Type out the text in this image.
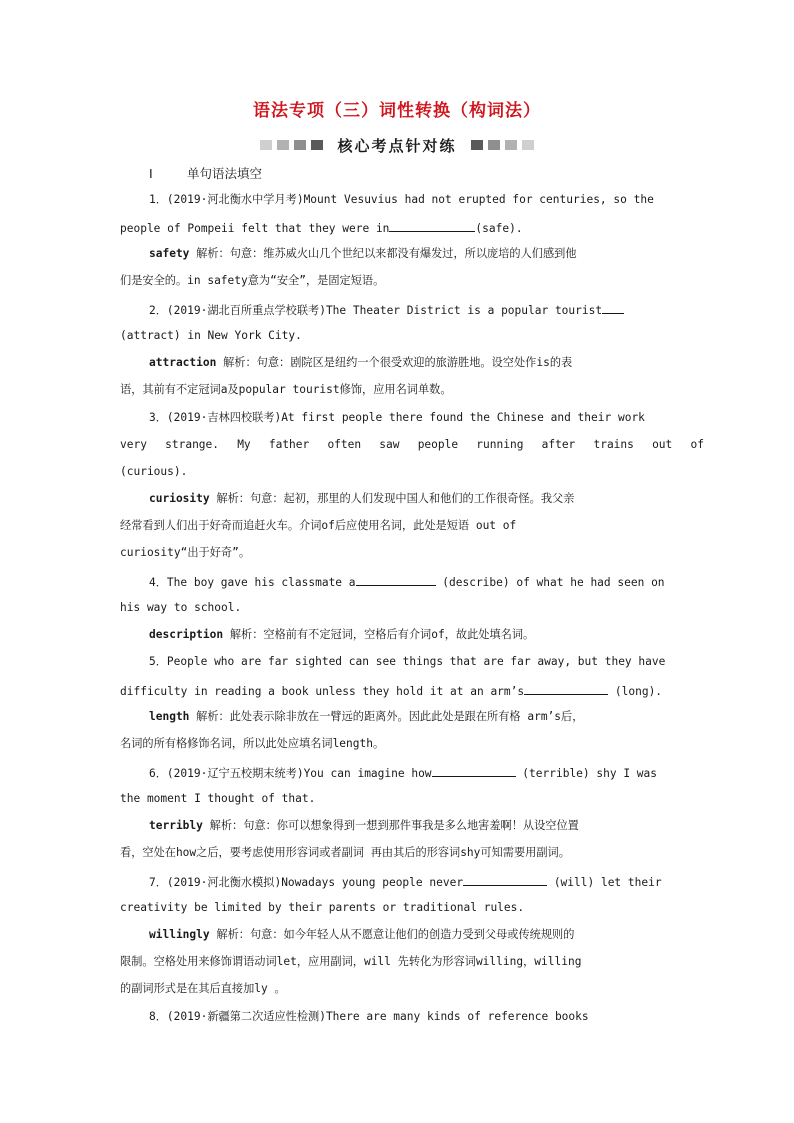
语法专项（三）词性转换（构词法）
核心考点针对练
Ⅰ	单句语法填空
1．(2019·河北衡水中学月考)Mount Vesuvius had not erupted for centuries, so the
people of Pompeii felt that they were in	(safe).
safety 解析：句意：维苏威火山几个世纪以来都没有爆发过，所以庞培的人们感到他
们是安全的。in safety意为“安全”，是固定短语。
2．(2019·湖北百所重点学校联考)The Theater District is a popular tourist
(attract) in New York City.
attraction 解析：句意：剧院区是纽约一个很受欢迎的旅游胜地。设空处作is的表
语，其前有不定冠词a及popular tourist修饰，应用名词单数。
3．(2019·吉林四校联考)At first people there found the Chinese and their work
very strange. My father often saw people running after trains out of
(curious).
curiosity 解析：句意：起初，那里的人们发现中国人和他们的工作很奇怪。我父亲
经常看到人们出于好奇而追赶火车。介词of后应使用名词，此处是短语 out of
curiosity“出于好奇”。
4．The boy gave his classmate a	(describe) of what he had seen on
his way to school.
description 解析：空格前有不定冠词，空格后有介词of，故此处填名词。
5．People who are far sighted can see things that are far away, but they have
difficulty in reading a book unless they hold it at an arm’s	(long).
length 解析：此处表示除非放在一臂远的距离外。因此此处是跟在所有格 arm’s后，
名词的所有格修饰名词，所以此处应填名词length。
6．(2019·辽宁五校期末统考)You can imagine how	(terrible) shy I was
the moment I thought of that.
terribly 解析：句意：你可以想象得到一想到那件事我是多么地害羞啊！从设空位置
看，空处在how之后，要考虑使用形容词或者副词 再由其后的形容词shy可知需要用副词。
7．(2019·河北衡水模拟)Nowadays young people never	(will) let their
creativity be limited by their parents or traditional rules.
willingly 解析：句意：如今年轻人从不愿意让他们的创造力受到父母或传统规则的
限制。空格处用来修饰谓语动词let，应用副词，will 先转化为形容词willing，willing
的副词形式是在其后直接加ly 。
8．(2019·新疆第二次适应性检测)There are many kinds of reference books
